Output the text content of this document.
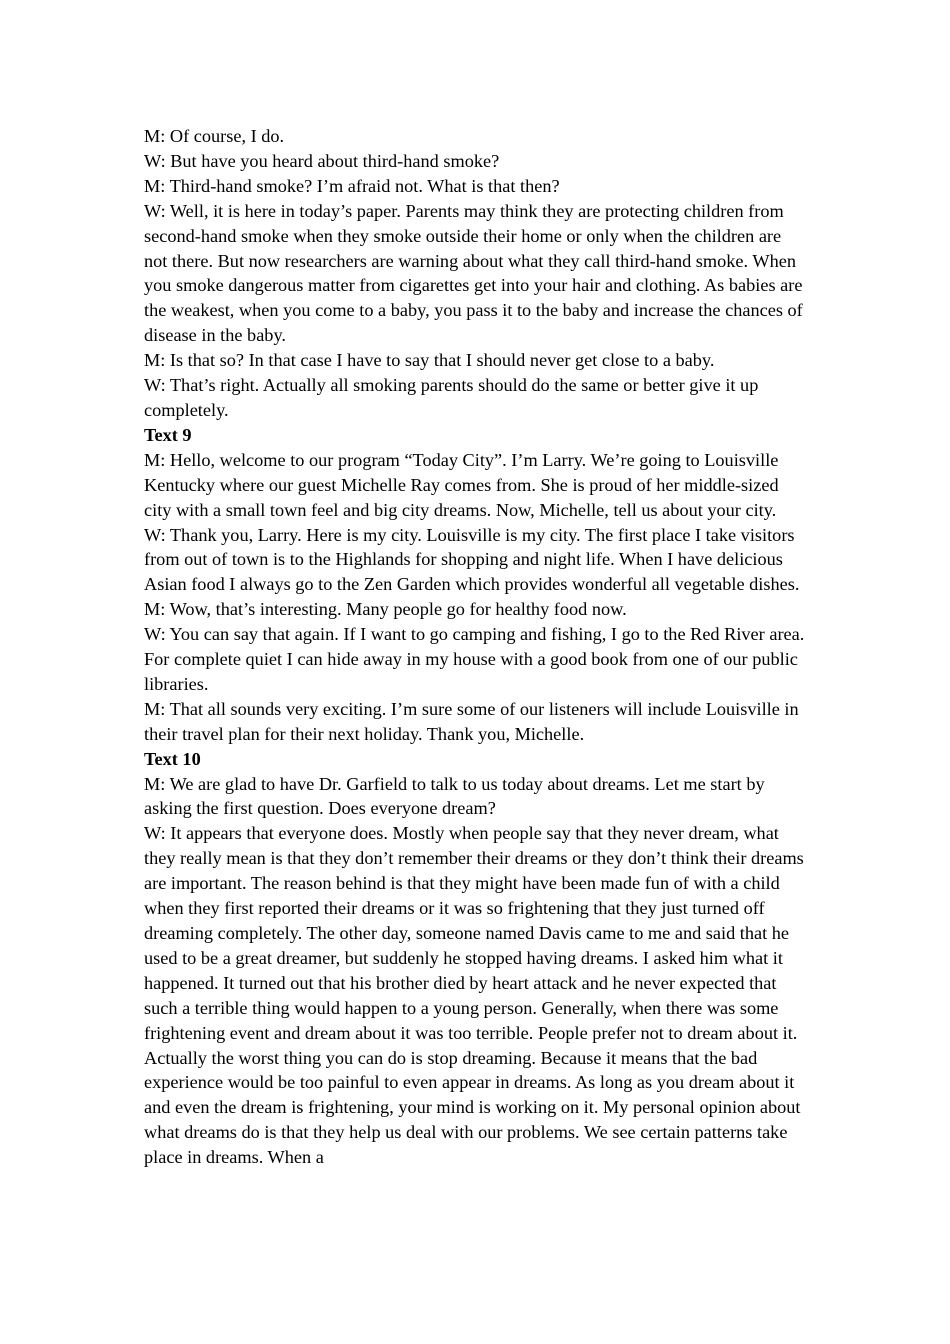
M: Of course, I do.

W: But have you heard about third-hand smoke?

M: Third-hand smoke? I’m afraid not. What is that then?

W: Well, it is here in today’s paper. Parents may think they are protecting children from second-hand smoke when they smoke outside their home or only when the children are not there. But now researchers are warning about what they call third-hand smoke. When you smoke dangerous matter from cigarettes get into your hair and clothing. As babies are the weakest, when you come to a baby, you pass it to the baby and increase the chances of disease in the baby.

M: Is that so? In that case I have to say that I should never get close to a baby.

W: That’s right. Actually all smoking parents should do the same or better give it up completely.

Text 9

M: Hello, welcome to our program “Today City”. I’m Larry. We’re going to Louisville Kentucky where our guest Michelle Ray comes from. She is proud of her middle-sized city with a small town feel and big city dreams. Now, Michelle, tell us about your city.

W: Thank you, Larry. Here is my city. Louisville is my city. The first place I take visitors from out of town is to the Highlands for shopping and night life. When I have delicious Asian food I always go to the Zen Garden which provides wonderful all vegetable dishes.

M: Wow, that’s interesting. Many people go for healthy food now.

W: You can say that again. If I want to go camping and fishing, I go to the Red River area. For complete quiet I can hide away in my house with a good book from one of our public libraries.

M: That all sounds very exciting. I’m sure some of our listeners will include Louisville in their travel plan for their next holiday. Thank you, Michelle.

Text 10

M: We are glad to have Dr. Garfield to talk to us today about dreams. Let me start by asking the first question. Does everyone dream?

W: It appears that everyone does. Mostly when people say that they never dream, what they really mean is that they don’t remember their dreams or they don’t think their dreams are important. The reason behind is that they might have been made fun of with a child when they first reported their dreams or it was so frightening that they just turned off dreaming completely. The other day, someone named Davis came to me and said that he used to be a great dreamer, but suddenly he stopped having dreams. I asked him what it happened. It turned out that his brother died by heart attack and he never expected that such a terrible thing would happen to a young person. Generally, when there was some frightening event and dream about it was too terrible. People prefer not to dream about it. Actually the worst thing you can do is stop dreaming. Because it means that the bad experience would be too painful to even appear in dreams. As long as you dream about it and even the dream is frightening, your mind is working on it. My personal opinion about what dreams do is that they help us deal with our problems. We see certain patterns take place in dreams. When a
